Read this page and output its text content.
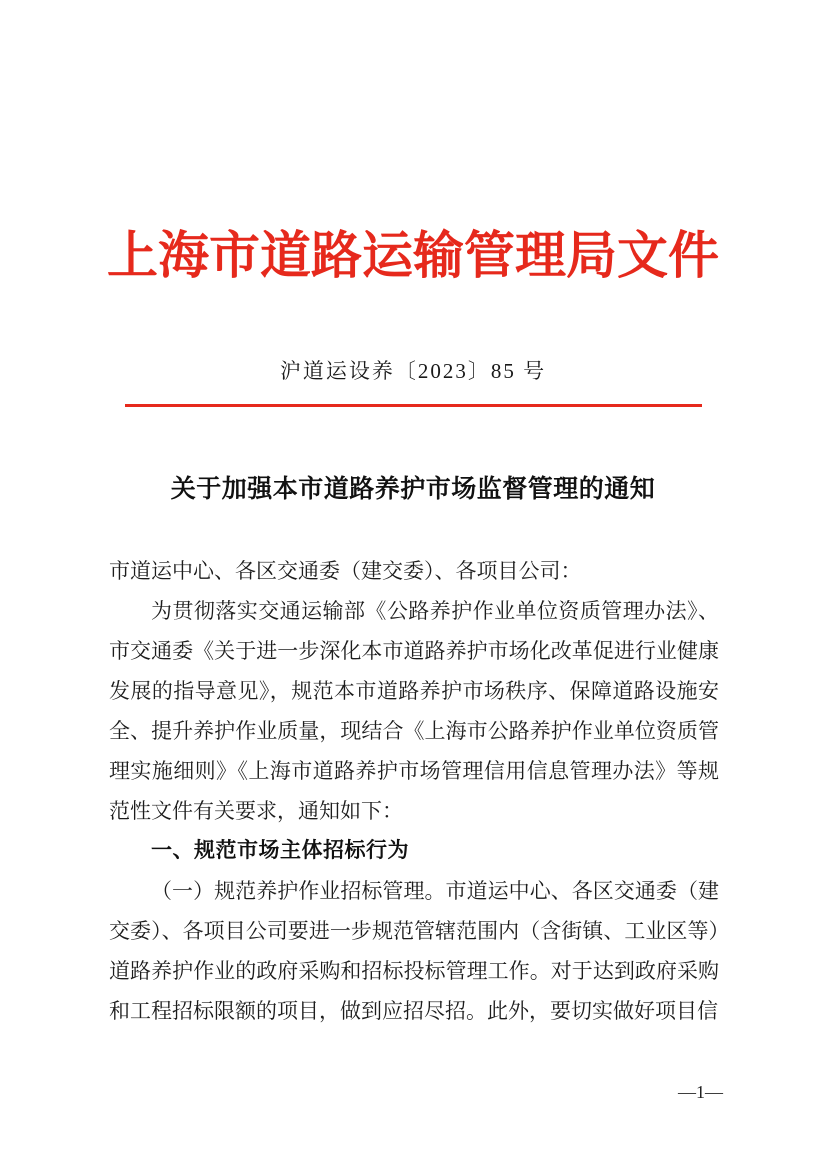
上海市道路运输管理局文件
沪道运设养〔2023〕85 号
关于加强本市道路养护市场监督管理的通知

市道运中心、各区交通委（建交委）、各项目公司：

为贯彻落实交通运输部《公路养护作业单位资质管理办法》、市交通委《关于进一步深化本市道路养护市场化改革促进行业健康发展的指导意见》，规范本市道路养护市场秩序、保障道路设施安全、提升养护作业质量，现结合《上海市公路养护作业单位资质管理实施细则》《上海市道路养护市场管理信用信息管理办法》等规范性文件有关要求，通知如下：

一、规范市场主体招标行为

（一）规范养护作业招标管理。市道运中心、各区交通委（建交委）、各项目公司要进一步规范管辖范围内（含街镇、工业区等）道路养护作业的政府采购和招标投标管理工作。对于达到政府采购和工程招标限额的项目，做到应招尽招。此外，要切实做好项目信

—1—
